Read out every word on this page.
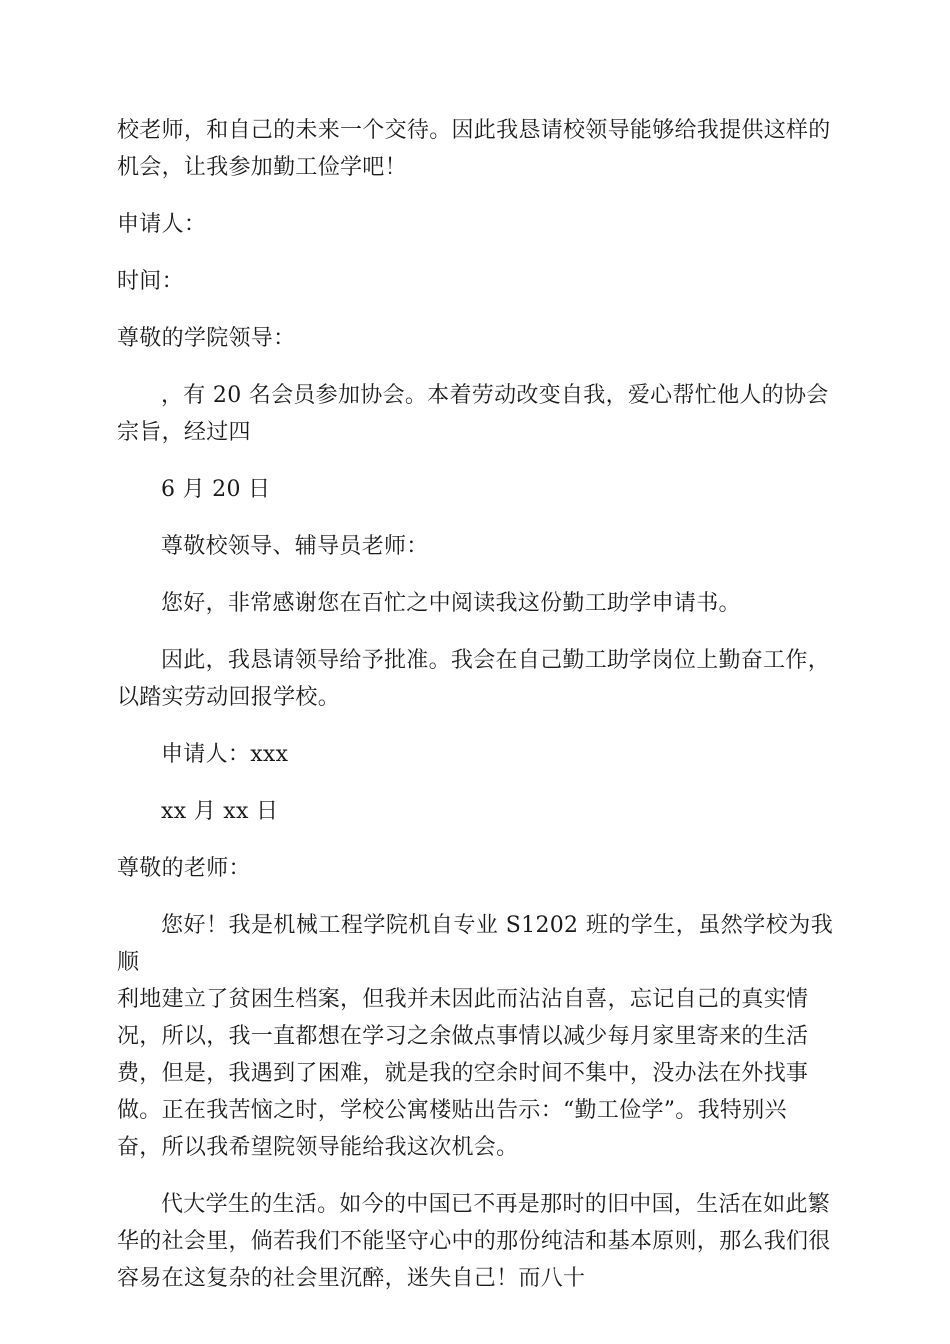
校老师，和自己的未来一个交待。因此我恳请校领导能够给我提供这样的
机会，让我参加勤工俭学吧！

申请人：

时间：

尊敬的学院领导：

，有 20 名会员参加协会。本着劳动改变自我，爱心帮忙他人的协会
宗旨，经过四

6 月 20 日

尊敬校领导、辅导员老师：

您好，非常感谢您在百忙之中阅读我这份勤工助学申请书。

因此，我恳请领导给予批准。我会在自己勤工助学岗位上勤奋工作，
以踏实劳动回报学校。

申请人：xxx

xx 月 xx 日

尊敬的老师：

您好！我是机械工程学院机自专业 S1202 班的学生，虽然学校为我顺
利地建立了贫困生档案，但我并未因此而沾沾自喜，忘记自己的真实情
况，所以，我一直都想在学习之余做点事情以减少每月家里寄来的生活
费，但是，我遇到了困难，就是我的空余时间不集中，没办法在外找事
做。正在我苦恼之时，学校公寓楼贴出告示：“勤工俭学”。我特别兴
奋，所以我希望院领导能给我这次机会。

代大学生的生活。如今的中国已不再是那时的旧中国，生活在如此繁
华的社会里，倘若我们不能坚守心中的那份纯洁和基本原则，那么我们很
容易在这复杂的社会里沉醉，迷失自己！而八十
